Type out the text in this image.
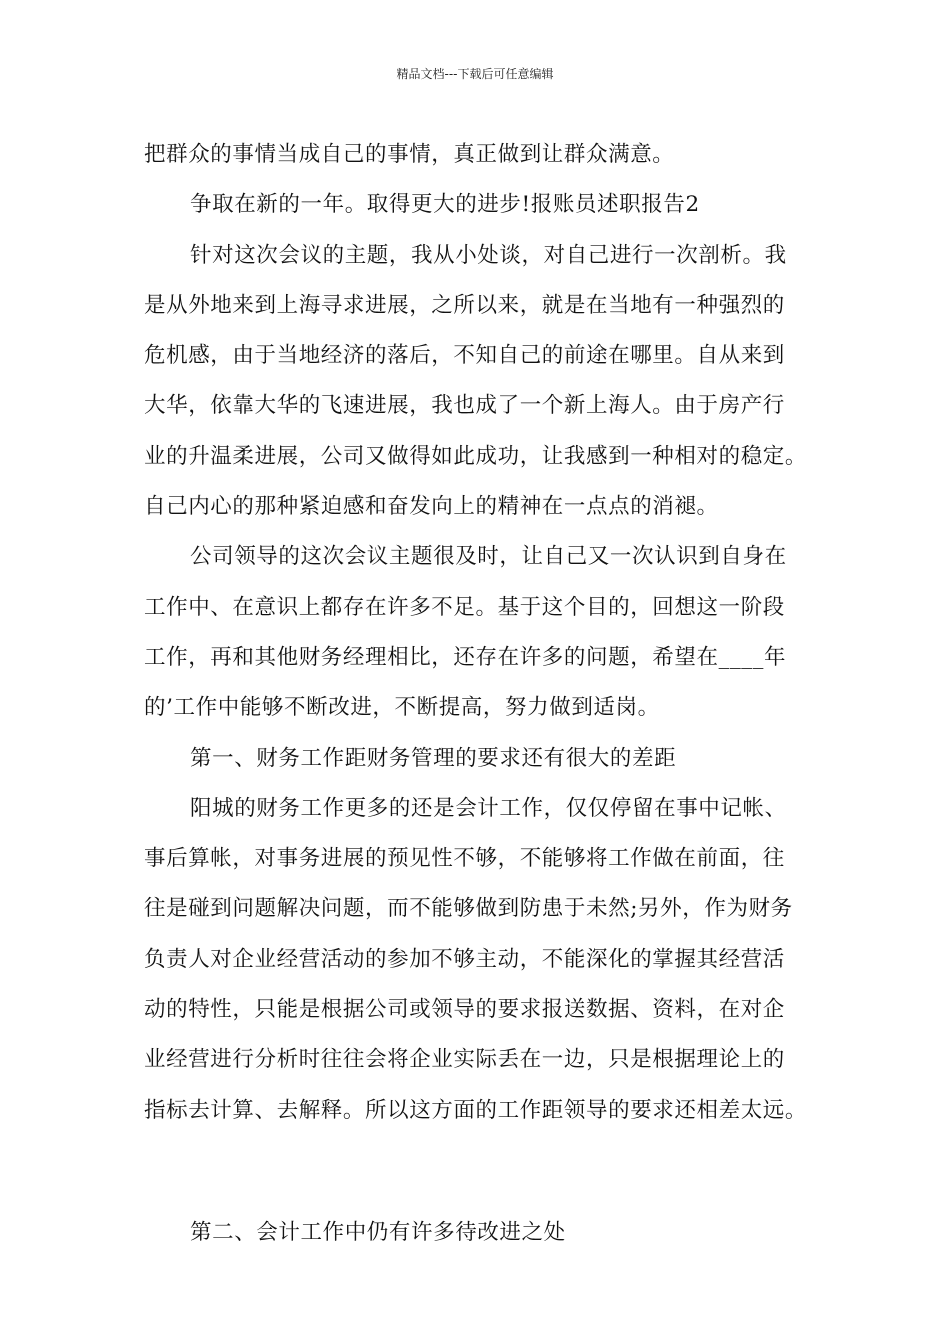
精品文档---下载后可任意编辑
把群众的事情当成自己的事情，真正做到让群众满意。
争取在新的一年。取得更大的进步!报账员述职报告2
针对这次会议的主题，我从小处谈，对自己进行一次剖析。我
是从外地来到上海寻求进展，之所以来，就是在当地有一种强烈的
危机感，由于当地经济的落后，不知自己的前途在哪里。自从来到
大华，依靠大华的飞速进展，我也成了一个新上海人。由于房产行
业的升温柔进展，公司又做得如此成功，让我感到一种相对的稳定。
自己内心的那种紧迫感和奋发向上的精神在一点点的消褪。
公司领导的这次会议主题很及时，让自己又一次认识到自身在
工作中、在意识上都存在许多不足。基于这个目的，回想这一阶段
工作，再和其他财务经理相比，还存在许多的问题，希望在____年
的’工作中能够不断改进，不断提高，努力做到适岗。
第一、财务工作距财务管理的要求还有很大的差距
阳城的财务工作更多的还是会计工作，仅仅停留在事中记帐、
事后算帐，对事务进展的预见性不够，不能够将工作做在前面，往
往是碰到问题解决问题，而不能够做到防患于未然;另外，作为财务
负责人对企业经营活动的参加不够主动，不能深化的掌握其经营活
动的特性，只能是根据公司或领导的要求报送数据、资料，在对企
业经营进行分析时往往会将企业实际丢在一边，只是根据理论上的
指标去计算、去解释。所以这方面的工作距领导的要求还相差太远。
第二、会计工作中仍有许多待改进之处
